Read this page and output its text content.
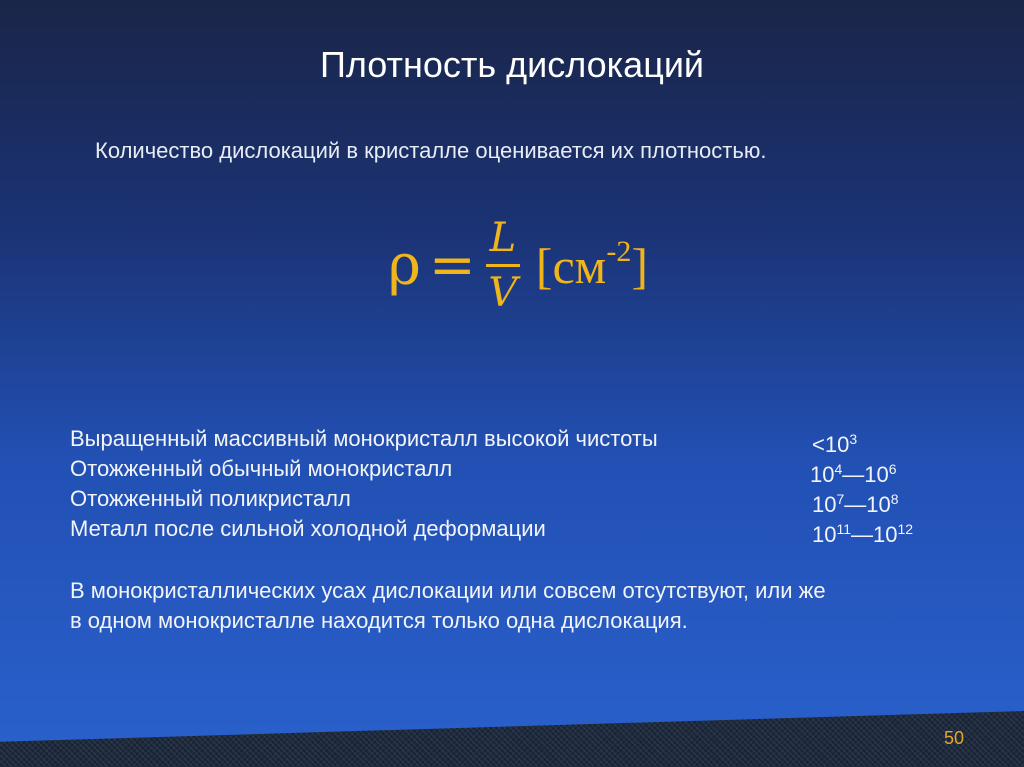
Плотность дислокаций
Количество дислокаций в кристалле оценивается их плотностью.
$\rho = \frac{L}{V} [см^{-2}]$
Выращенный массивный монокристалл высокой чистоты	$<10^3$
Отожженный обычный монокристалл	$10^4—10^6$
Отожженный поликристалл	$10^7—10^8$
Металл после сильной холодной деформации	$10^{11}—10^{12}$
В монокристаллических усах дислокации или совсем отсутствуют, или же
в одном монокристалле находится только одна дислокация.
50
